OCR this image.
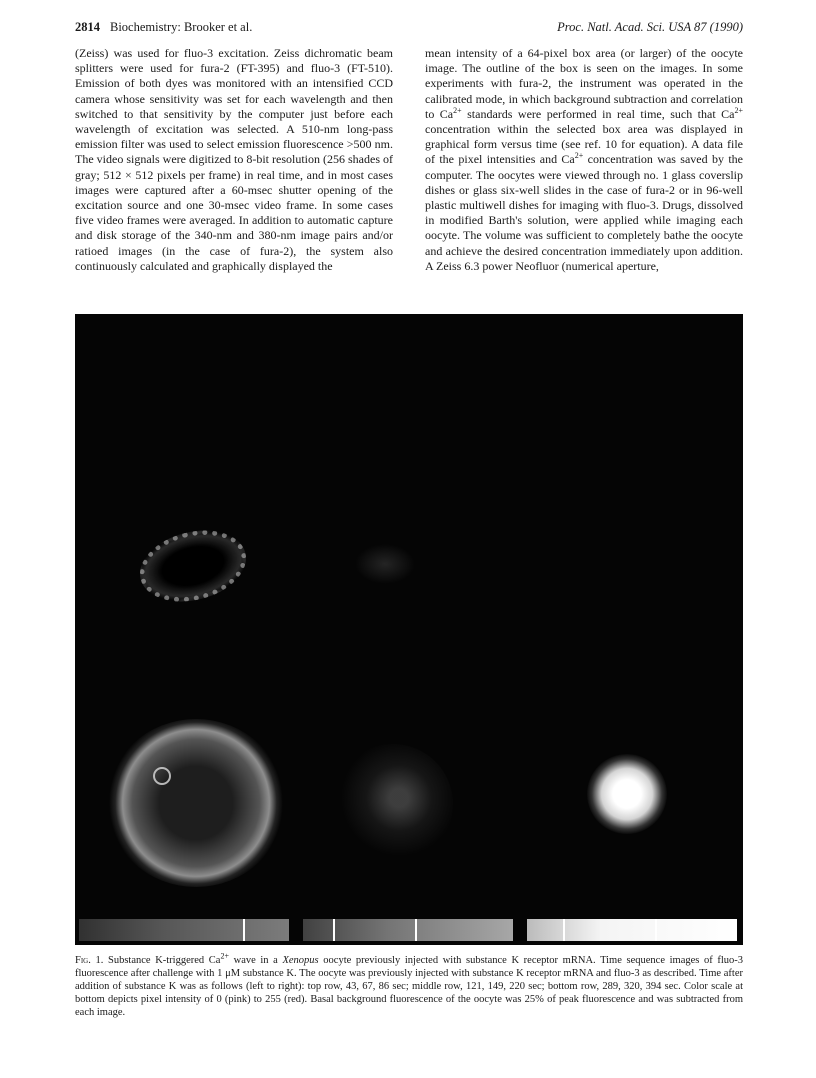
2814 Biochemistry: Brooker et al.	Proc. Natl. Acad. Sci. USA 87 (1990)

(Zeiss) was used for fluo-3 excitation. Zeiss dichromatic beam splitters were used for fura-2 (FT-395) and fluo-3 (FT-510). Emission of both dyes was monitored with an intensified CCD camera whose sensitivity was set for each wavelength and then switched to that sensitivity by the computer just before each wavelength of excitation was selected. A 510-nm long-pass emission filter was used to select emission fluorescence >500 nm. The video signals were digitized to 8-bit resolution (256 shades of gray; 512 × 512 pixels per frame) in real time, and in most cases images were captured after a 60-msec shutter opening of the excitation source and one 30-msec video frame. In some cases five video frames were averaged. In addition to automatic capture and disk storage of the 340-nm and 380-nm image pairs and/or ratioed images (in the case of fura-2), the system also continuously calculated and graphically displayed the

mean intensity of a 64-pixel box area (or larger) of the oocyte image. The outline of the box is seen on the images. In some experiments with fura-2, the instrument was operated in the calibrated mode, in which background subtraction and correlation to $Ca^{2+}$ standards were performed in real time, such that $Ca^{2+}$ concentration within the selected box area was displayed in graphical form versus time (see ref. 10 for equation). A data file of the pixel intensities and $Ca^{2+}$ concentration was saved by the computer. The oocytes were viewed through no. 1 glass coverslip dishes or glass six-well slides in the case of fura-2 or in 96-well plastic multiwell dishes for imaging with fluo-3. Drugs, dissolved in modified Barth's solution, were applied while imaging each oocyte. The volume was sufficient to completely bathe the oocyte and achieve the desired concentration immediately upon addition. A Zeiss 6.3 power Neofluor (numerical aperture,

Fig. 1. Substance K-triggered $Ca^{2+}$ wave in a Xenopus oocyte previously injected with substance K receptor mRNA. Time sequence images of fluo-3 fluorescence after challenge with 1 μM substance K. The oocyte was previously injected with substance K receptor mRNA and fluo-3 as described. Time after addition of substance K was as follows (left to right): top row, 43, 67, 86 sec; middle row, 121, 149, 220 sec; bottom row, 289, 320, 394 sec. Color scale at bottom depicts pixel intensity of 0 (pink) to 255 (red). Basal background fluorescence of the oocyte was 25% of peak fluorescence and was subtracted from each image.
